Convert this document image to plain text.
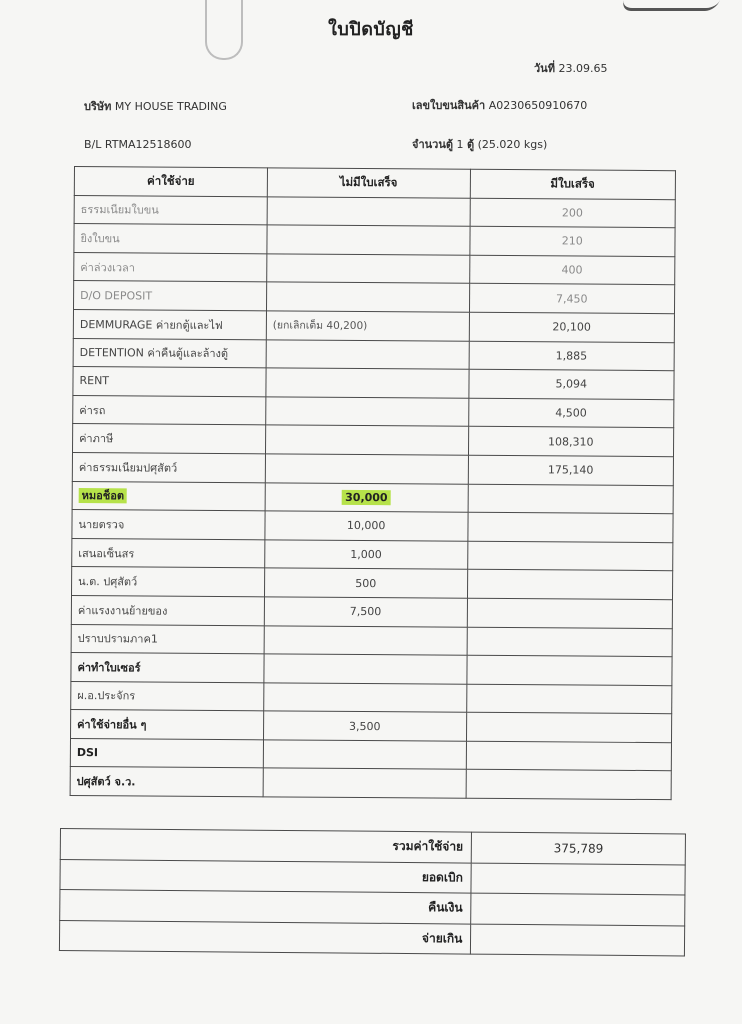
ใบปิดบัญชี
วันที่ 23.09.65
บริษัท MY HOUSE TRADING	เลขใบขนสินค้า A0230650910670
B/L RTMA12518600	จำนวนตู้ 1 ตู้ (25.020 kgs)
ค่าใช้จ่าย	ไม่มีใบเสร็จ	มีใบเสร็จ
ธรรมเนียมใบขน		200
ยิงใบขน		210
ค่าล่วงเวลา		400
D/O DEPOSIT		7,450
DEMMURAGE ค่ายกตู้และไฟ	(ยกเลิกเต็ม 40,200)	20,100
DETENTION ค่าคืนตู้และล้างตู้		1,885
RENT		5,094
ค่ารถ		4,500
ค่าภาษี		108,310
ค่าธรรมเนียมปศุสัตว์		175,140
หมอช็อต	30,000	
นายตรวจ	10,000	
เสนอเซ็นสร	1,000	
น.ต. ปศุสัตว์	500	
ค่าแรงงานย้ายของ	7,500	
ปราบปรามภาค1		
ค่าทำใบเซอร์		
ผ.อ.ประจักร		
ค่าใช้จ่ายอื่น ๆ	3,500	
DSI		
ปศุสัตว์ จ.ว.		
รวมค่าใช้จ่าย	375,789
ยอดเบิก	
คืนเงิน	
จ่ายเกิน	
